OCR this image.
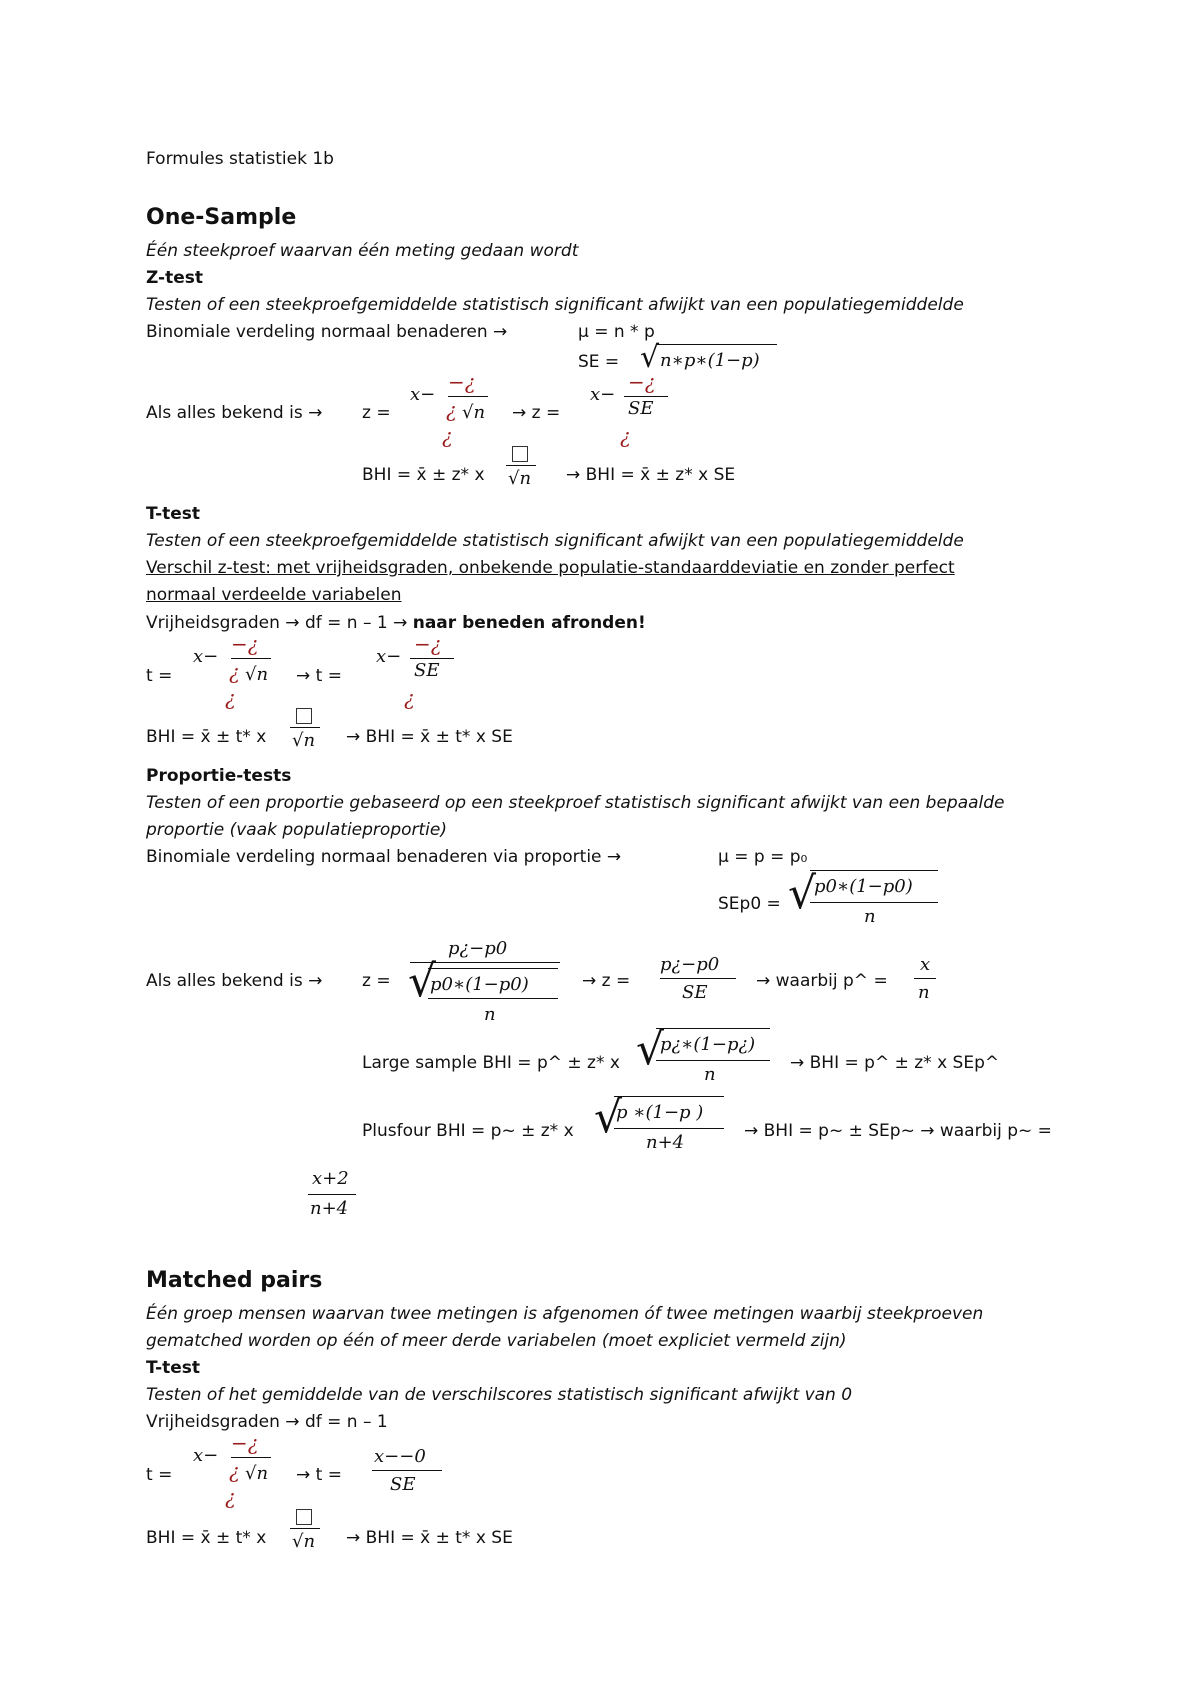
Formules statistiek 1b
One-Sample
Één steekproef waarvan één meting gedaan wordt
Z-test
Testen of een steekproefgemiddelde statistisch significant afwijkt van een populatiegemiddelde
Binomiale verdeling normaal benaderen →	μ = n * p
SE = √ n∗p∗(1−p)
Als alles bekend is → z =
x−
−¿
¿ √n
¿
→ z =
x−
−¿
SE
¿
BHI = x̄ ± z* x √n → BHI = x̄ ± z* x SE
T-test
Testen of een steekproefgemiddelde statistisch significant afwijkt van een populatiegemiddelde
Verschil z-test: met vrijheidsgraden, onbekende populatie-standaarddeviatie en zonder perfect
normaal verdeelde variabelen
Vrijheidsgraden → df = n – 1 → naar beneden afronden!
t =
x−
−¿
¿ √n
¿
→ t =
x−
−¿
SE
¿
BHI = x̄ ± t* x √n → BHI = x̄ ± t* x SE
Proportie-tests
Testen of een proportie gebaseerd op een steekproef statistisch significant afwijkt van een bepaalde
proportie (vaak populatieproportie)
Binomiale verdeling normaal benaderen via proportie →	μ = p = p₀
SEp0 = √
p0∗(1−p0)
n
Als alles bekend is → z =
p¿−p0
√
p0∗(1−p0)
n
→ z =
p¿−p0
SE
→ waarbij p^ =
x
n
Large sample BHI = p^ ± z* x √
p¿∗(1−p¿)
n
→ BHI = p^ ± z* x SEp^
Plusfour BHI = p~ ± z* x √
p ∗(1−p )
n+4
→ BHI = p~ ± SEp~ → waarbij p~ =
x+2
n+4
Matched pairs
Één groep mensen waarvan twee metingen is afgenomen óf twee metingen waarbij steekproeven
gematched worden op één of meer derde variabelen (moet expliciet vermeld zijn)
T-test
Testen of het gemiddelde van de verschilscores statistisch significant afwijkt van 0
Vrijheidsgraden → df = n – 1
t =
x−
−¿
¿ √n
¿
→ t =
x−−0
SE
BHI = x̄ ± t* x √n → BHI = x̄ ± t* x SE
